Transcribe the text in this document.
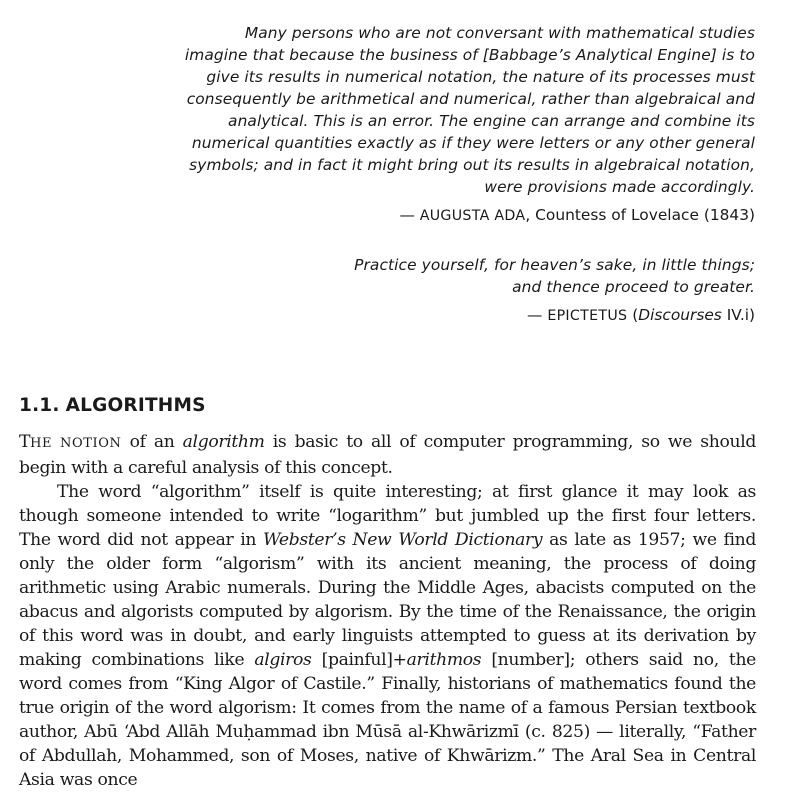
Many persons who are not conversant with mathematical studies
imagine that because the business of [Babbage’s Analytical Engine] is to
give its results in numerical notation, the nature of its processes must
consequently be arithmetical and numerical, rather than algebraical and
analytical. This is an error. The engine can arrange and combine its
numerical quantities exactly as if they were letters or any other general
symbols; and in fact it might bring out its results in algebraical notation,
were provisions made accordingly.
— AUGUSTA ADA, Countess of Lovelace (1843)
Practice yourself, for heaven’s sake, in little things;
and thence proceed to greater.
— EPICTETUS (Discourses IV.i)
1.1. ALGORITHMS

THE NOTION of an algorithm is basic to all of computer programming, so we should begin with a careful analysis of this concept.

The word “algorithm” itself is quite interesting; at first glance it may look as though someone intended to write “logarithm” but jumbled up the first four letters. The word did not appear in Webster’s New World Dictionary as late as 1957; we find only the older form “algorism” with its ancient meaning, the process of doing arithmetic using Arabic numerals. During the Middle Ages, abacists computed on the abacus and algorists computed by algorism. By the time of the Renaissance, the origin of this word was in doubt, and early linguists attempted to guess at its derivation by making combinations like algiros [painful]+arithmos [number]; others said no, the word comes from “King Algor of Castile.” Finally, historians of mathematics found the true origin of the word algorism: It comes from the name of a famous Persian textbook author, Abū ‘Abd Allāh Muḥammad ibn Mūsā al-Khwārizmī (c. 825) — literally, “Father of Abdullah, Mohammed, son of Moses, native of Khwārizm.” The Aral Sea in Central Asia was once
